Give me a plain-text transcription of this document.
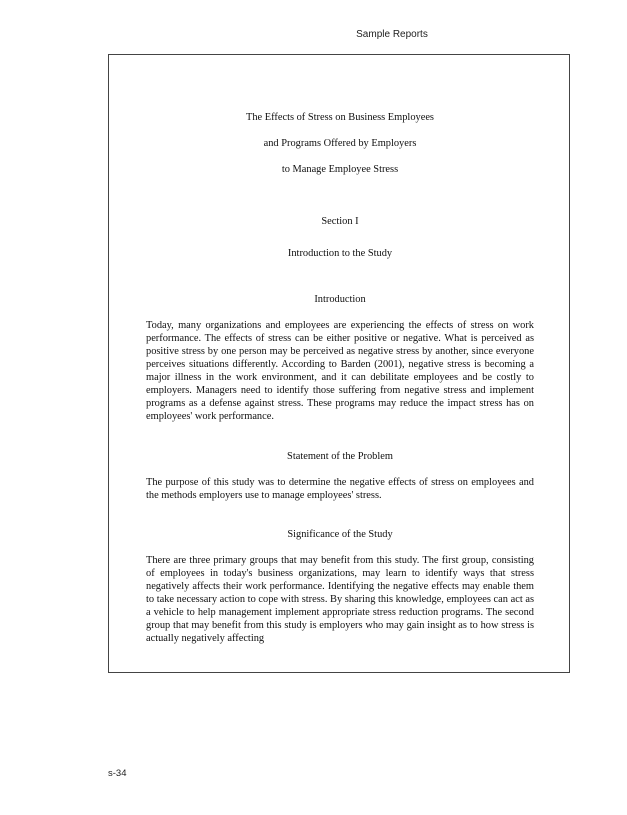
Sample Reports
The Effects of Stress on Business Employees
and Programs Offered by Employers
to Manage Employee Stress
Section I
Introduction to the Study
Introduction
Today, many organizations and employees are experiencing the effects of stress on work performance. The effects of stress can be either positive or negative. What is perceived as positive stress by one person may be perceived as negative stress by another, since everyone perceives situations differently. According to Barden (2001), negative stress is becoming a major illness in the work environment, and it can debilitate employees and be costly to employers. Managers need to identify those suffering from negative stress and implement programs as a defense against stress. These programs may reduce the impact stress has on employees' work performance.
Statement of the Problem
The purpose of this study was to determine the negative effects of stress on employees and the methods employers use to manage employees' stress.
Significance of the Study
There are three primary groups that may benefit from this study. The first group, consisting of employees in today's business organizations, may learn to identify ways that stress negatively affects their work performance. Identifying the negative effects may enable them to take necessary action to cope with stress. By sharing this knowledge, employees can act as a vehicle to help management implement appropriate stress reduction programs. The second group that may benefit from this study is employers who may gain insight as to how stress is actually negatively affecting
s-34
